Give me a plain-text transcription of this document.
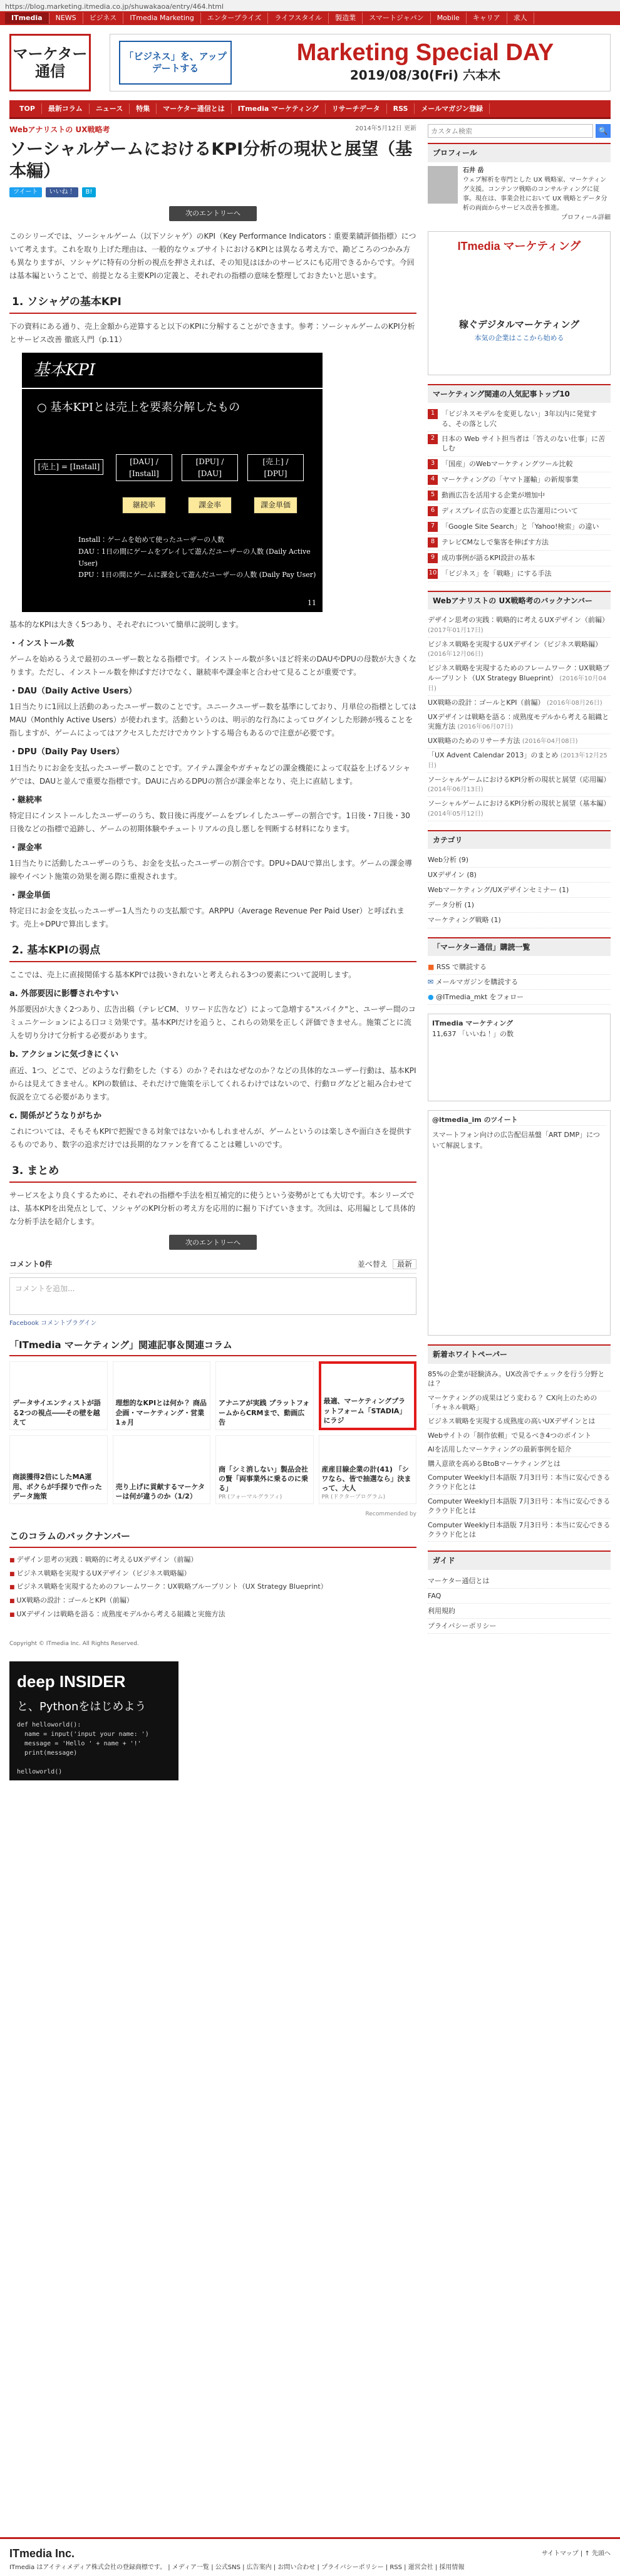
https://blog.marketing.itmedia.co.jp/shuwakaoa/entry/464.html
ITmedia	NEWS	ビジネス	ITmedia Marketing	エンタープライズ	ライフスタイル	製造業	スマートジャパン	Mobile	キャリア	求人
マーケター
通信
「ビジネス」を、アップデートする
Marketing Special DAY
2019/08/30(Fri) 六本木
TOP	最新コラム	ニュース	特集	マーケター通信とは	ITmedia マーケティング	リサーチデータ	RSS	メールマガジン登録
Webアナリストの UX戦略考	2014年5月12日 更新
ソーシャルゲームにおけるKPI分析の現状と展望（基本編）
ツイート	いいね！	B!
次のエントリーへ

このシリーズでは、ソーシャルゲーム（以下ソシャゲ）のKPI（Key Performance Indicators：重要業績評価指標）について考えます。これを取り上げた理由は、一般的なウェブサイトにおけるKPIとは異なる考え方で、勘どころのつかみ方も異なりますが、ソシャゲに特有の分析の視点を押さえれば、その知見はほかのサービスにも応用できるからです。今回は基本編ということで、前提となる主要KPIの定義と、それぞれの指標の意味を整理しておきたいと思います。

1. ソシャゲの基本KPI

下の資料にある通り、売上金額から逆算すると以下のKPIに分解することができます。参考：ソーシャルゲームのKPI分析とサービス改善 徹底入門（p.11）

基本KPI
○ 基本KPIとは売上を要素分解したもの
[売上] = [Install]
[DAU] / [Install]
[DPU] / [DAU]
[売上] / [DPU]
継続率	課金率	課金単価
Install：ゲームを始めて使ったユーザーの人数
DAU：1日の間にゲームをプレイして遊んだユーザーの人数 (Daily Active User)
DPU：1日の間にゲームに課金して遊んだユーザーの人数 (Daily Pay User)
11

基本的なKPIは大きく5つあり、それぞれについて簡単に説明します。

・インストール数

ゲームを始めるうえで最初のユーザー数となる指標です。インストール数が多いほど将来のDAUやDPUの母数が大きくなります。ただし、インストール数を伸ばすだけでなく、継続率や課金率と合わせて見ることが重要です。

・DAU（Daily Active Users）

1日当たりに1回以上活動のあったユーザー数のことです。ユニークユーザー数を基準にしており、月単位の指標としてはMAU（Monthly Active Users）が使われます。活動というのは、明示的な行為によってログインした形跡が残ることを指しますが、ゲームによってはアクセスしただけでカウントする場合もあるので注意が必要です。

・DPU（Daily Pay Users）

1日当たりにお金を支払ったユーザー数のことです。アイテム課金やガチャなどの課金機能によって収益を上げるソシャゲでは、DAUと並んで重要な指標です。DAUに占めるDPUの割合が課金率となり、売上に直結します。

・継続率

特定日にインストールしたユーザーのうち、数日後に再度ゲームをプレイしたユーザーの割合です。1日後・7日後・30日後などの指標で追跡し、ゲームの初期体験やチュートリアルの良し悪しを判断する材料になります。

・課金率

1日当たりに活動したユーザーのうち、お金を支払ったユーザーの割合です。DPU÷DAUで算出します。ゲームの課金導線やイベント施策の効果を測る際に重視されます。

・課金単価

特定日にお金を支払ったユーザー1人当たりの支払額です。ARPPU（Average Revenue Per Paid User）と呼ばれます。売上÷DPUで算出します。

2. 基本KPIの弱点

ここでは、売上に直接関係する基本KPIでは扱いきれないと考えられる3つの要素について説明します。

a. 外部要因に影響されやすい

外部要因が大きく2つあり、広告出稿（テレビCM、リワード広告など）によって急増する"スパイク"と、ユーザー間のコミュニケーションによる口コミ効果です。基本KPIだけを追うと、これらの効果を正しく評価できません。施策ごとに流入を切り分けて分析する必要があります。

b. アクションに気づきにくい

直近、1つ、どこで、どのような行動をした（する）のか？それはなぜなのか？などの具体的なユーザー行動は、基本KPIからは見えてきません。KPIの数値は、それだけで施策を示してくれるわけではないので、行動ログなどと組み合わせて仮説を立てる必要があります。

c. 関係がどうなりがちか

これについては、そもそもKPIで把握できる対象ではないかもしれませんが、ゲームというのは楽しさや面白さを提供するものであり、数字の追求だけでは長期的なファンを育てることは難しいのです。

3. まとめ

サービスをより良くするために、それぞれの指標や手法を相互補完的に使うという姿勢がとても大切です。本シリーズでは、基本KPIを出発点として、ソシャゲのKPI分析の考え方を応用的に掘り下げていきます。次回は、応用編として具体的な分析手法を紹介します。

次のエントリーへ
コメント0件	並べ替え 最新
コメントを追加...
Facebook コメントプラグイン
「ITmedia マーケティング」関連記事＆関連コラム
データサイエンティストが語る2つの視点――その壁を越えて
理想的なKPIとは何か？ 商品企画・マーケティング・営業1ヵ月
アナニアが実践 プラットフォームからCRMまで、動画広告
最適、マーケティングプラットフォーム「STADIA」にラジ
商談獲得2倍にしたMA運用、ボクらが手探りで作ったデータ施策
売り上げに貢献するマーケターは何が違うのか（1/2）
商「シミ消しない」製品会社の賢「両事業外に乗るのに乗る」
PR (フォーマルグラフィ)
産産目線企業の計(41) 「シワなら、皆で抽選なら」決まって、大人
PR (ドクターブログラム)
Recommended by
このコラムのバックナンバー
■ デザイン思考の実践：戦略的に考えるUXデザイン（前編）
■ ビジネス戦略を実現するUXデザイン（ビジネス戦略編）
■ ビジネス戦略を実現するためのフレームワーク：UX戦略ブループリント（UX Strategy Blueprint）
■ UX戦略の設計：ゴールとKPI（前編）
■ UXデザインは戦略を語る：成熟度モデルから考える組織と実施方法
Copyright © ITmedia Inc. All Rights Reserved.
deep INSIDER
と、Pythonをはじめよう
def helloworld():
name = input('input your name: ')
message = 'Hello ' + name + '!'
print(message)

helloworld()
カスタム検索
🔍
プロフィール
石井 岳
ウェブ解析を専門とした UX 戦略家、マーケティング支援。コンテンツ戦略のコンサルティングに従事。現在は、事業会社において UX 戦略とデータ分析の両面からサービス改善を推進。
プロフィール詳細
ITmedia マーケティング
稼ぐデジタルマーケティング
本気の企業はここから始める
マーケティング関連の人気記事トップ10
1 「ビジネスモデルを変更しない」3年以内に発覚する、その落とし穴
2 日本の Web サイト担当者は「答えのない仕事」に苦しむ
3 「国産」のWebマーケティングツール比較
4 マーケティングの「ヤマト運輸」の新規事業
5 動画広告を活用する企業が増加中
6 ディスプレイ広告の変遷と広告運用について
7 「Google Site Search」と「Yahoo!検索」の違い
8 テレビCMなしで集客を伸ばす方法
9 成功事例が語るKPI設計の基本
10 「ビジネス」を「戦略」にする手法
Webアナリストの UX戦略考のバックナンバー
デザイン思考の実践：戦略的に考えるUXデザイン（前編） (2017年01月17日)
ビジネス戦略を実現するUXデザイン（ビジネス戦略編） (2016年12月06日)
ビジネス戦略を実現するためのフレームワーク：UX戦略ブループリント（UX Strategy Blueprint） (2016年10月04日)
UX戦略の設計：ゴールとKPI（前編） (2016年08月26日)
UXデザインは戦略を語る：成熟度モデルから考える組織と実施方法 (2016年06月07日)
UX戦略のためのリサーチ方法 (2016年04月08日)
「UX Advent Calendar 2013」のまとめ (2013年12月25日)
ソーシャルゲームにおけるKPI分析の現状と展望（応用編） (2014年06月13日)
ソーシャルゲームにおけるKPI分析の現状と展望（基本編） (2014年05月12日)
カテゴリ
Web分析 (9)
UXデザイン (8)
Webマーケティング/UXデザインセミナー (1)
データ分析 (1)
マーケティング戦略 (1)
「マーケター通信」購読一覧
■ RSS で購読する
✉ メールマガジンを購読する
● @ITmedia_mkt をフォロー
ITmedia マーケティング
11,637 「いいね！」の数
@itmedia_im のツイート
スマートフォン向けの広告配信基盤「ART DMP」について解説します。
新着ホワイトペーパー
85%の企業が経験済み。UX改善でチェックを行う分野とは？
マーケティングの成果はどう変わる？ CX向上のための「チャネル戦略」
ビジネス戦略を実現する成熟度の高いUXデザインとは
Webサイトの「制作依頼」で見るべき4つのポイント
AIを活用したマーケティングの最新事例を紹介
購入意欲を高めるBtoBマーケティングとは
Computer Weekly日本語版 7月3日号：本当に安心できるクラウド化とは
Computer Weekly日本語版 7月3日号：本当に安心できるクラウド化とは
Computer Weekly日本語版 7月3日号：本当に安心できるクラウド化とは
ガイド
マーケター通信とは
FAQ
利用規約
プライバシーポリシー
ITmedia Inc.	サイトマップ | ↑ 先頭へ
ITmedia はアイティメディア株式会社の登録商標です。 | メディア一覧 | 公式SNS | 広告案内 | お問い合わせ | プライバシーポリシー | RSS | 運営会社 | 採用情報
